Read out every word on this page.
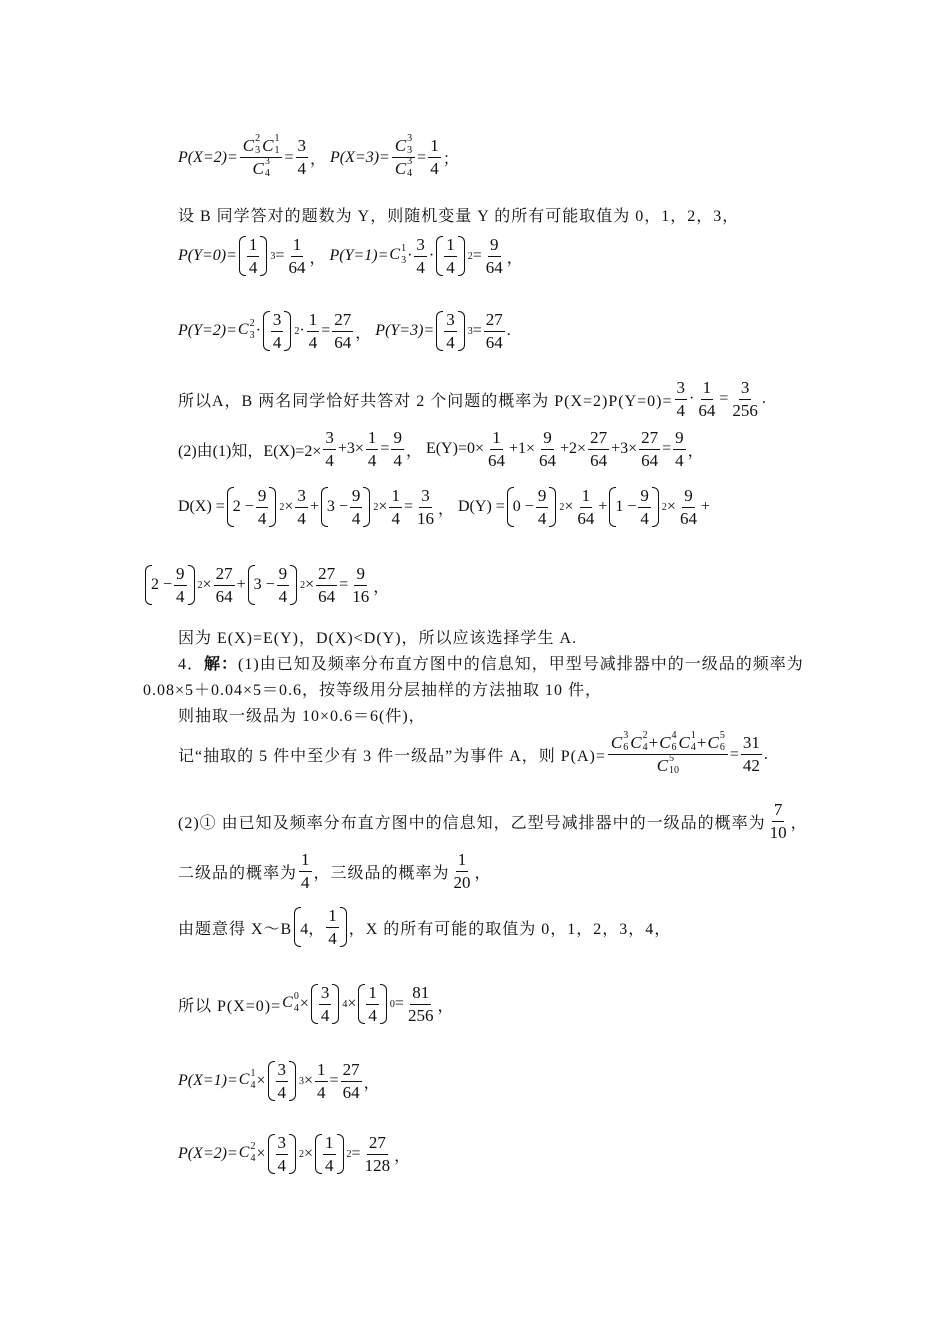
P(X=2)= C 2
3 C 1
1
C 3
$4 = \frac{3}{4}$ ， P(X=3)= C 3
3
C 3
$4 = \frac{1}{4}$ ；
设 B 同学答对的题数为 Y，则随机变量 Y 的所有可能取值为 0，1，2，3，
$P(Y=0)= \frac{1}{4} 3 = \frac{1}{64}$ ， P(Y=1)= C 1
$3 \cdot \frac{3}{4} \cdot \frac{1}{4} 2 = \frac{9}{64}$ ，
P(Y=2)= C 2
$3 \cdot \frac{3}{4} 2 \cdot \frac{1}{4} = \frac{27}{64}$ ， $P(Y=3)= \frac{3}{4} 3 = \frac{27}{64}$ .
所以A，B 两名同学恰好共答对 2 个问题的概率为 $P(X=2)P(Y=0)= \frac{3}{4} \cdot \frac{1}{64} = \frac{3}{256}$ .
(2)由(1)知，$E(X)=2\times \frac{3}{4} +3\times \frac{1}{4} = \frac{9}{4}$ ， $E(Y)=0\times \frac{1}{64} +1\times \frac{9}{64} +2\times \frac{27}{64} +3\times \frac{27}{64} = \frac{9}{4}$ ，
$D(X) = 2 - \frac{9}{4} 2 \times \frac{3}{4} + 3 - \frac{9}{4} 2 \times \frac{1}{4} = \frac{3}{16}$ ， $D(Y) = 0 - \frac{9}{4} 2 \times \frac{1}{64} + 1 - \frac{9}{4} 2 \times \frac{9}{64}$ +
$2 - \frac{9}{4} 2 \times \frac{27}{64} + 3 - \frac{9}{4} 2 \times \frac{27}{64} = \frac{9}{16}$ ，
因为 E(X)=E(Y)，D(X)<D(Y)，所以应该选择学生 A.
4．解：(1)由已知及频率分布直方图中的信息知，甲型号减排器中的一级品的频率为
0.08×5＋0.04×5＝0.6，按等级用分层抽样的方法抽取 10 件，
则抽取一级品为 10×0.6＝6(件)，
记“抽取的 5 件中至少有 3 件一级品”为事件 A，则 P(A)= C 3
6 C 2
4 +C 4
6 C 1
4 +C 5
6
C 5
$10 = \frac{31}{42}$ .
(2)① 由已知及频率分布直方图中的信息知，乙型号减排器中的一级品的概率为 $\frac{7}{10}$ ，
二级品的概率为 $\frac{1}{4}$ ，三级品的概率为 $\frac{1}{20}$ ，
由题意得 X～B 4， $\frac{1}{4}$ ，X 的所有可能的取值为 0，1，2，3，4，
所以 P(X=0)= C 0
$4 \times \frac{3}{4} 4 \times \frac{1}{4} 0 = \frac{81}{256}$ ，
P(X=1)= C 1
$4 \times \frac{3}{4} 3 \times \frac{1}{4} = \frac{27}{64}$ ，
P(X=2)= C 2
$4 \times \frac{3}{4} 2 \times \frac{1}{4} 2 = \frac{27}{128}$ ，
